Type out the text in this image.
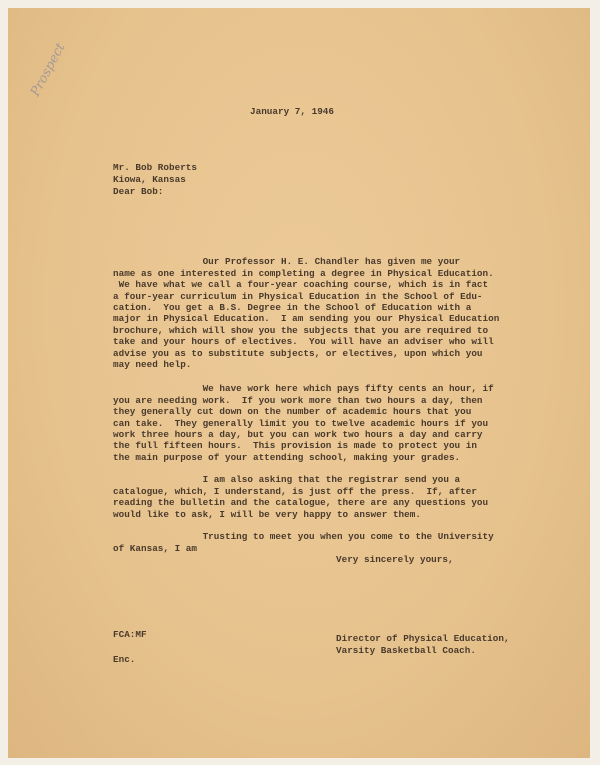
Prospect
January 7, 1946

Mr. Bob Roberts
Kiowa, Kansas
Dear Bob:

Our Professor H. E. Chandler has given me your
name as one interested in completing a degree in Physical Education.
We have what we call a four-year coaching course, which is in fact
a four-year curriculum in Physical Education in the School of Edu-
cation.  You get a B.S. Degree in the School of Education with a
major in Physical Education.  I am sending you our Physical Education
brochure, which will show you the subjects that you are required to
take and your hours of electives.  You will have an adviser who will
advise you as to substitute subjects, or electives, upon which you
may need help.

We have work here which pays fifty cents an hour, if
you are needing work.  If you work more than two hours a day, then
they generally cut down on the number of academic hours that you
can take.  They generally limit you to twelve academic hours if you
work three hours a day, but you can work two hours a day and carry
the full fifteen hours.  This provision is made to protect you in
the main purpose of your attending school, making your grades.

I am also asking that the registrar send you a
catalogue, which, I understand, is just off the press.  If, after
reading the bulletin and the catalogue, there are any questions you
would like to ask, I will be very happy to answer them.

Trusting to meet you when you come to the University
of Kansas, I am
Very sincerely yours,

Director of Physical Education,
Varsity Basketball Coach.
FCA:MF
Enc.
